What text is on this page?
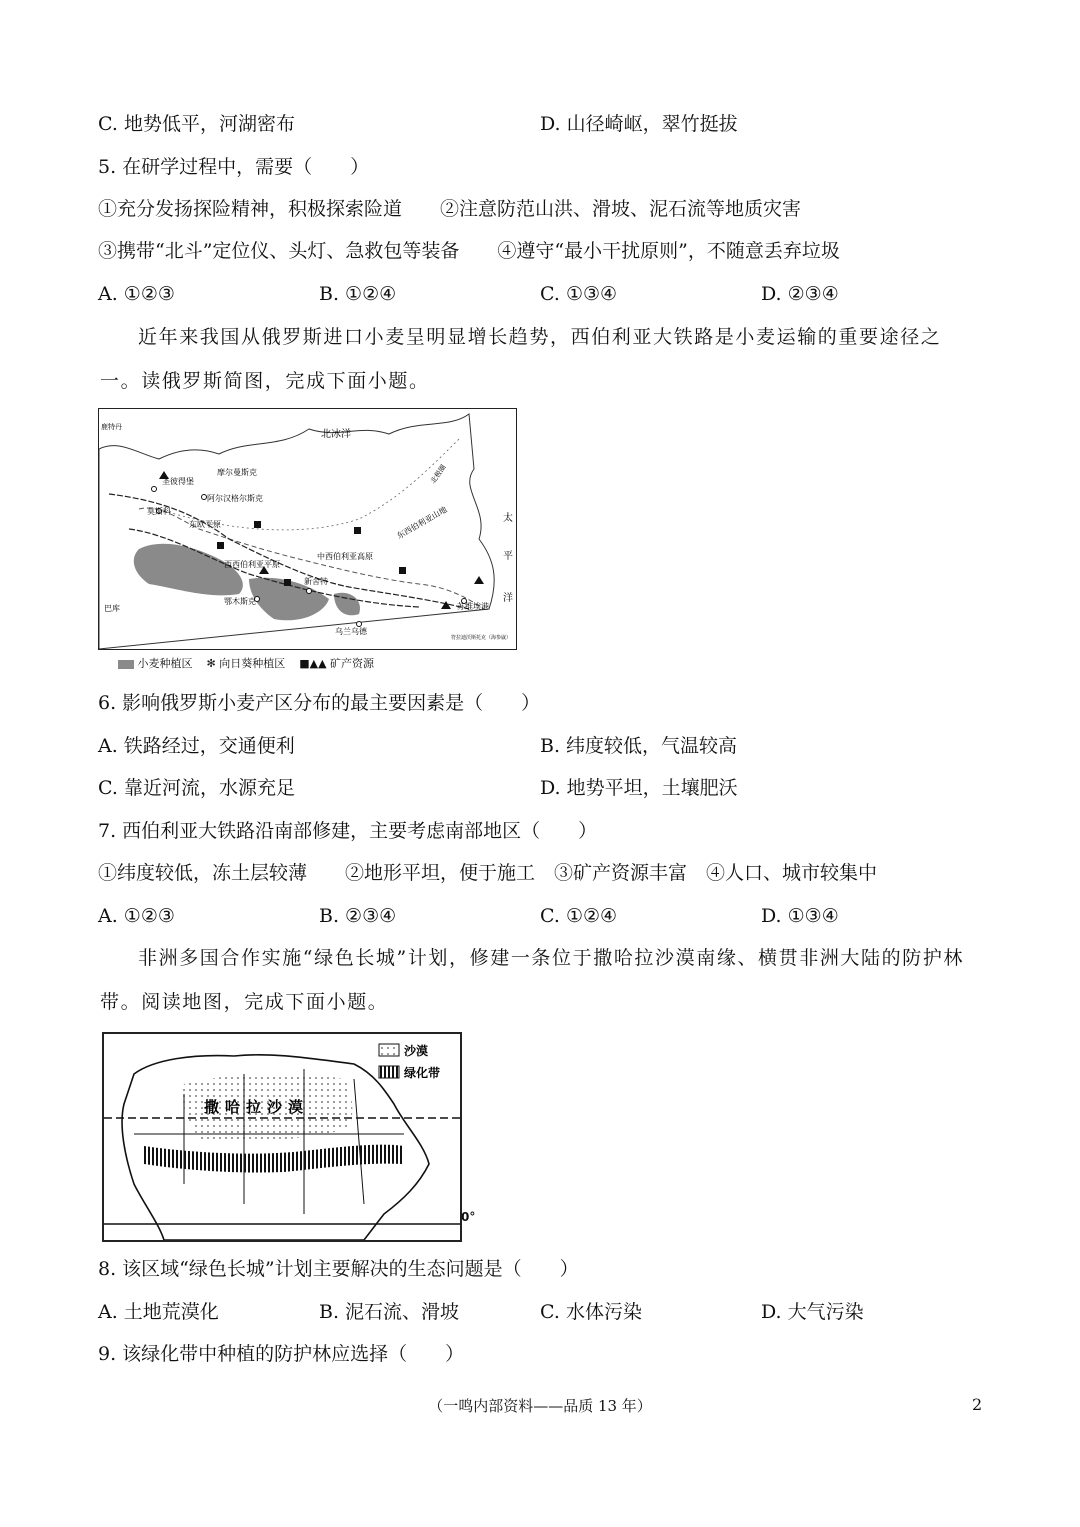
C. 地势低平，河湖密布	D. 山径崎岖，翠竹挺拔
5. 在研学过程中，需要（　　）
①充分发扬探险精神，积极探索险道　　②注意防范山洪、滑坡、泥石流等地质灾害
③携带“北斗”定位仪、头灯、急救包等装备　　④遵守“最小干扰原则”，不随意丢弃垃圾
A. ①②③	B. ①②④	C. ①③④	D. ②③④
近年来我国从俄罗斯进口小麦呈明显增长趋势，西伯利亚大铁路是小麦运输的重要途径之一。读俄罗斯简图，完成下面小题。
北冰洋
鹿特丹
摩尔曼斯克
圣彼得堡
阿尔汉格尔斯克
莫斯科
东欧平原
西西伯利亚平原
中西伯利亚高原
东西伯利亚山地
北极圈
新舍特
鄂木斯克
巴库
乌兰乌德
苏维埃港
符拉迪沃斯托克（海参崴）
太
平
洋
小麦种植区 ✻ 向日葵种植区 ■▲▲ 矿产资源
6. 影响俄罗斯小麦产区分布的最主要因素是（　　）
A. 铁路经过，交通便利	B. 纬度较低，气温较高
C. 靠近河流，水源充足	D. 地势平坦，土壤肥沃
7. 西伯利亚大铁路沿南部修建，主要考虑南部地区（　　）
①纬度较低，冻土层较薄　　②地形平坦，便于施工　③矿产资源丰富　④人口、城市较集中
A. ①②③	B. ②③④	C. ①②④	D. ①③④
非洲多国合作实施“绿色长城”计划，修建一条位于撒哈拉沙漠南缘、横贯非洲大陆的防护林带。阅读地图，完成下面小题。
沙漠
绿化带
撒哈拉沙漠
0°
8. 该区域“绿色长城”计划主要解决的生态问题是（　　）
A. 土地荒漠化	B. 泥石流、滑坡	C. 水体污染	D. 大气污染
9. 该绿化带中种植的防护林应选择（　　）
（一鸣内部资料——品质 13 年）	2
